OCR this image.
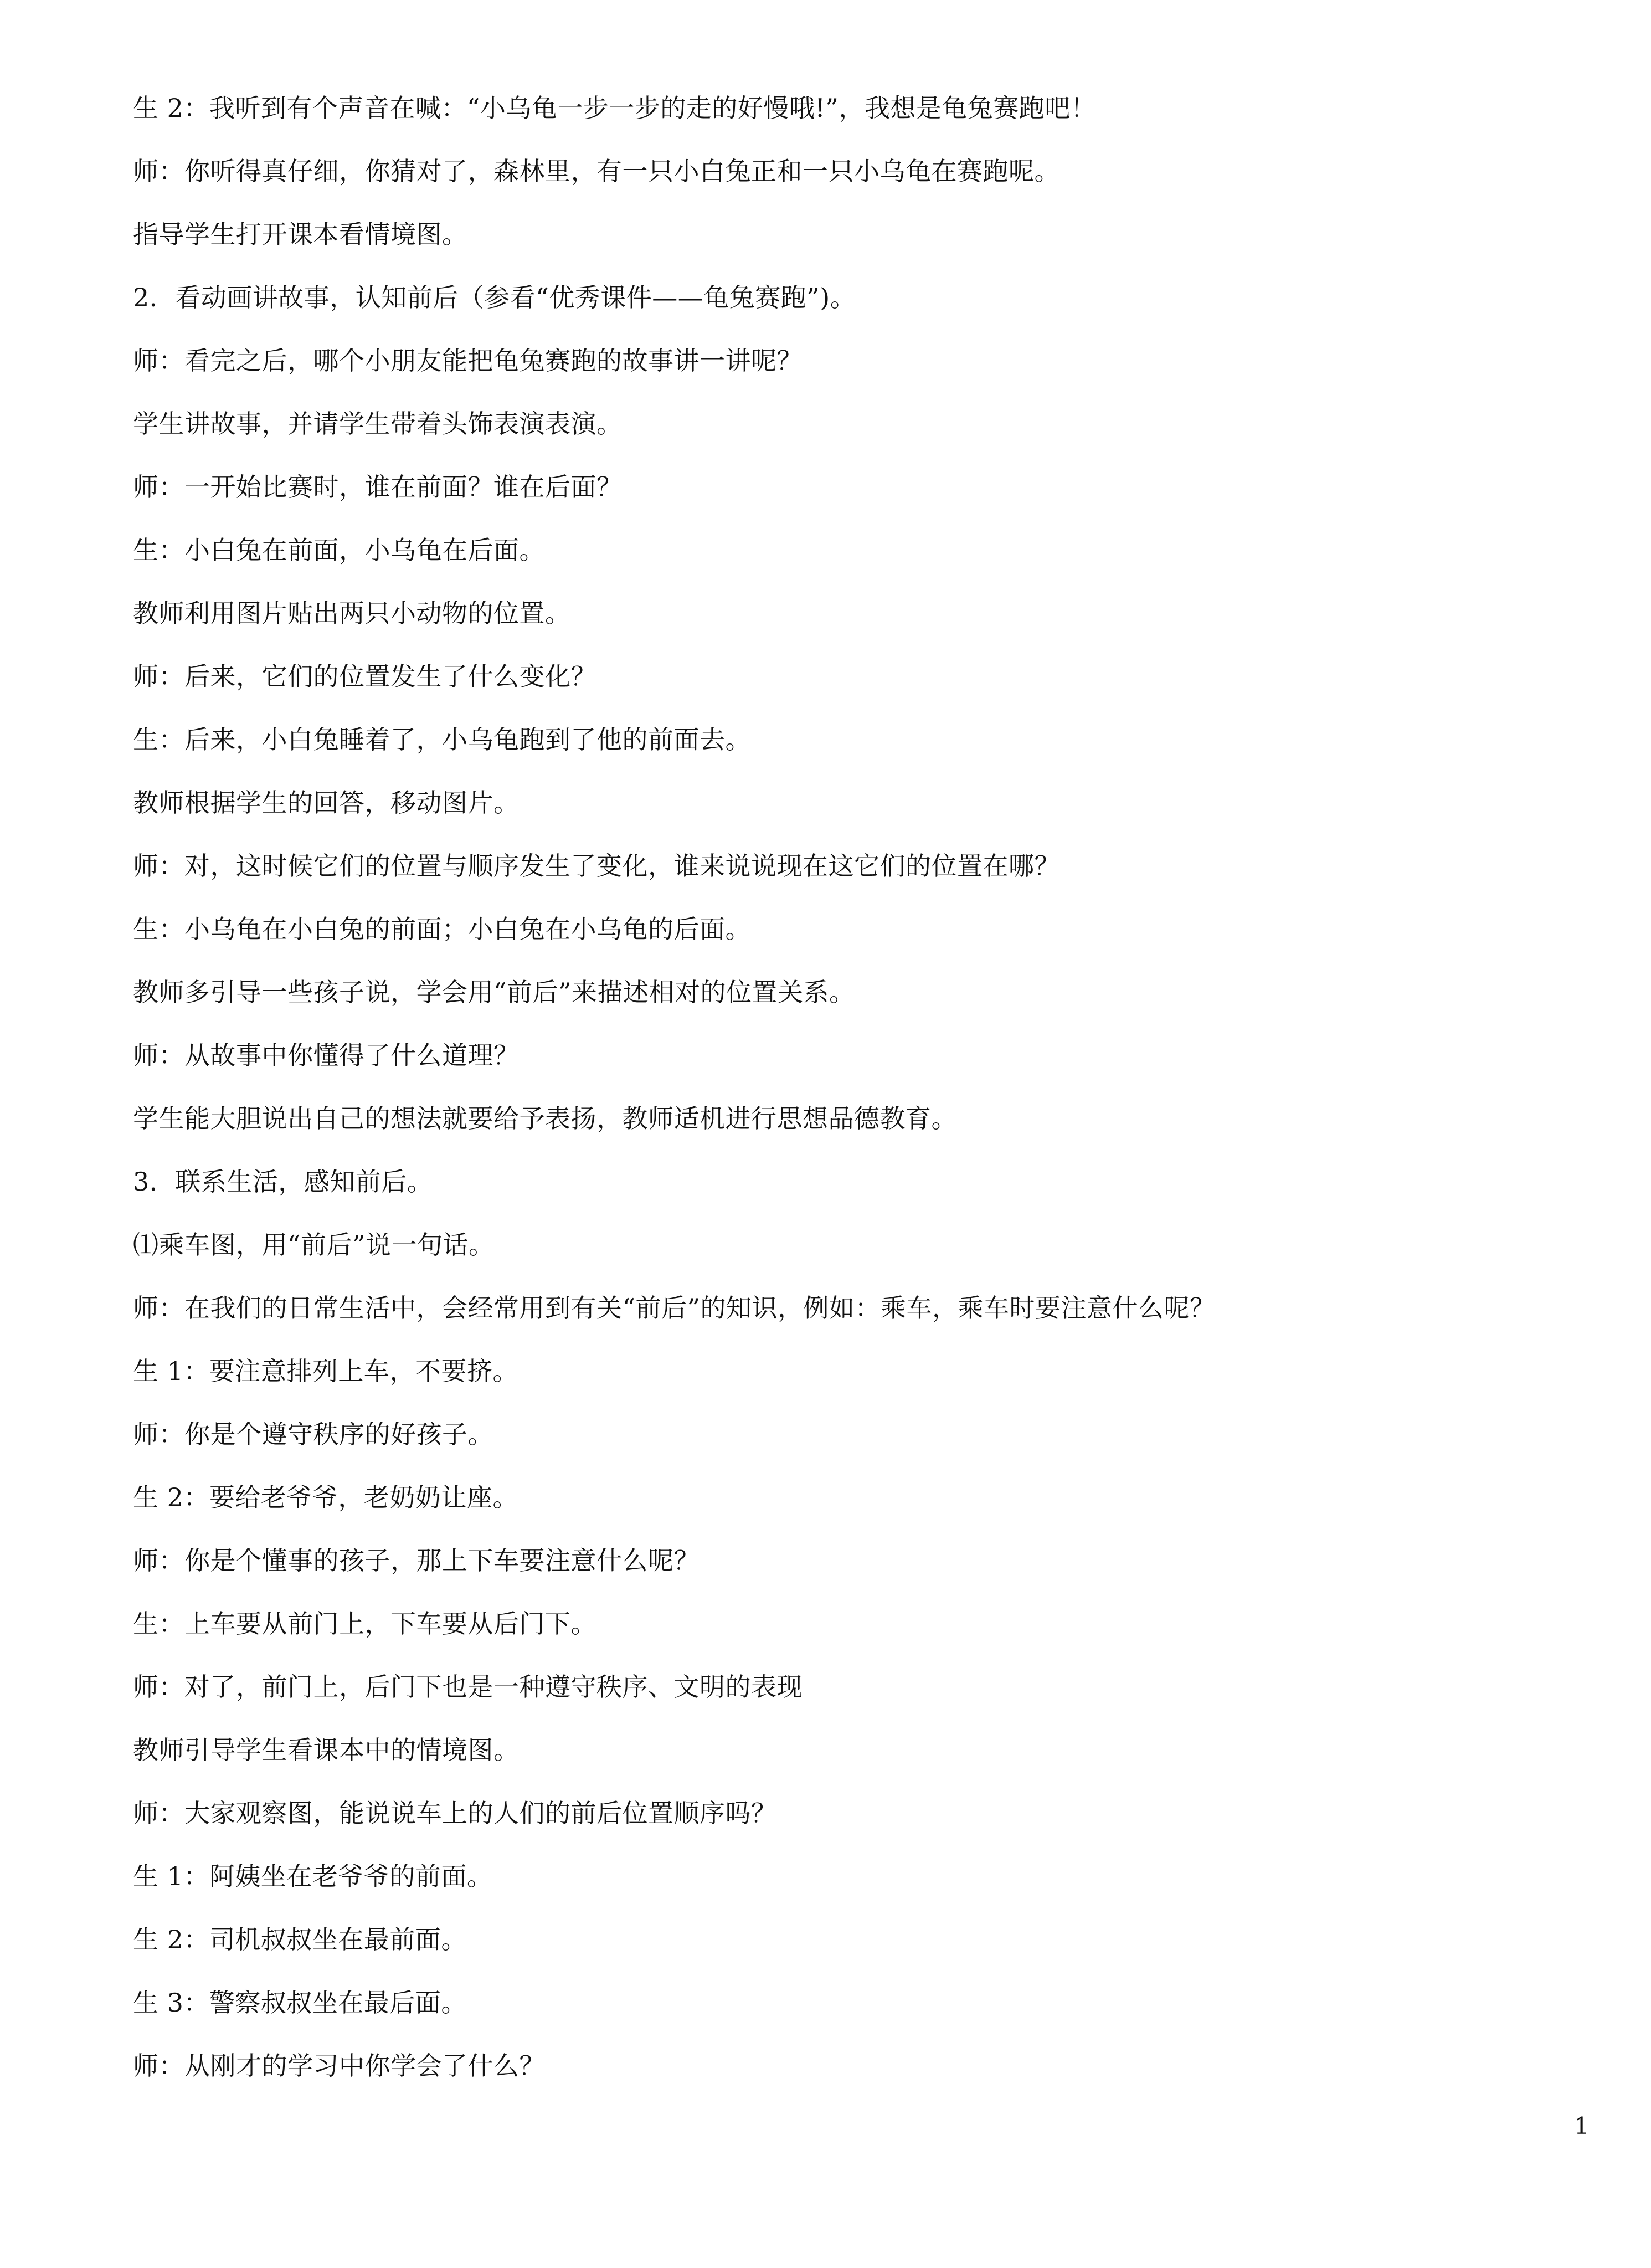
生 2：我听到有个声音在喊：“小乌龟一步一步的走的好慢哦!”，我想是龟兔赛跑吧！
师：你听得真仔细，你猜对了，森林里，有一只小白兔正和一只小乌龟在赛跑呢。
指导学生打开课本看情境图。
2．看动画讲故事，认知前后（参看“优秀课件——龟兔赛跑”)。
师：看完之后，哪个小朋友能把龟兔赛跑的故事讲一讲呢？
学生讲故事，并请学生带着头饰表演表演。
师：一开始比赛时，谁在前面？谁在后面？
生：小白兔在前面，小乌龟在后面。
教师利用图片贴出两只小动物的位置。
师：后来，它们的位置发生了什么变化？
生：后来，小白兔睡着了，小乌龟跑到了他的前面去。
教师根据学生的回答，移动图片。
师：对，这时候它们的位置与顺序发生了变化，谁来说说现在这它们的位置在哪？
生：小乌龟在小白兔的前面；小白兔在小乌龟的后面。
教师多引导一些孩子说，学会用“前后”来描述相对的位置关系。
师：从故事中你懂得了什么道理？
学生能大胆说出自己的想法就要给予表扬，教师适机进行思想品德教育。
3．联系生活，感知前后。
⑴乘车图，用“前后”说一句话。
师：在我们的日常生活中，会经常用到有关“前后”的知识，例如：乘车，乘车时要注意什么呢？
生 1：要注意排列上车，不要挤。
师：你是个遵守秩序的好孩子。
生 2：要给老爷爷，老奶奶让座。
师：你是个懂事的孩子，那上下车要注意什么呢？
生：上车要从前门上，下车要从后门下。
师：对了，前门上，后门下也是一种遵守秩序、文明的表现
教师引导学生看课本中的情境图。
师：大家观察图，能说说车上的人们的前后位置顺序吗？
生 1：阿姨坐在老爷爷的前面。
生 2：司机叔叔坐在最前面。
生 3：警察叔叔坐在最后面。
师：从刚才的学习中你学会了什么？
1
